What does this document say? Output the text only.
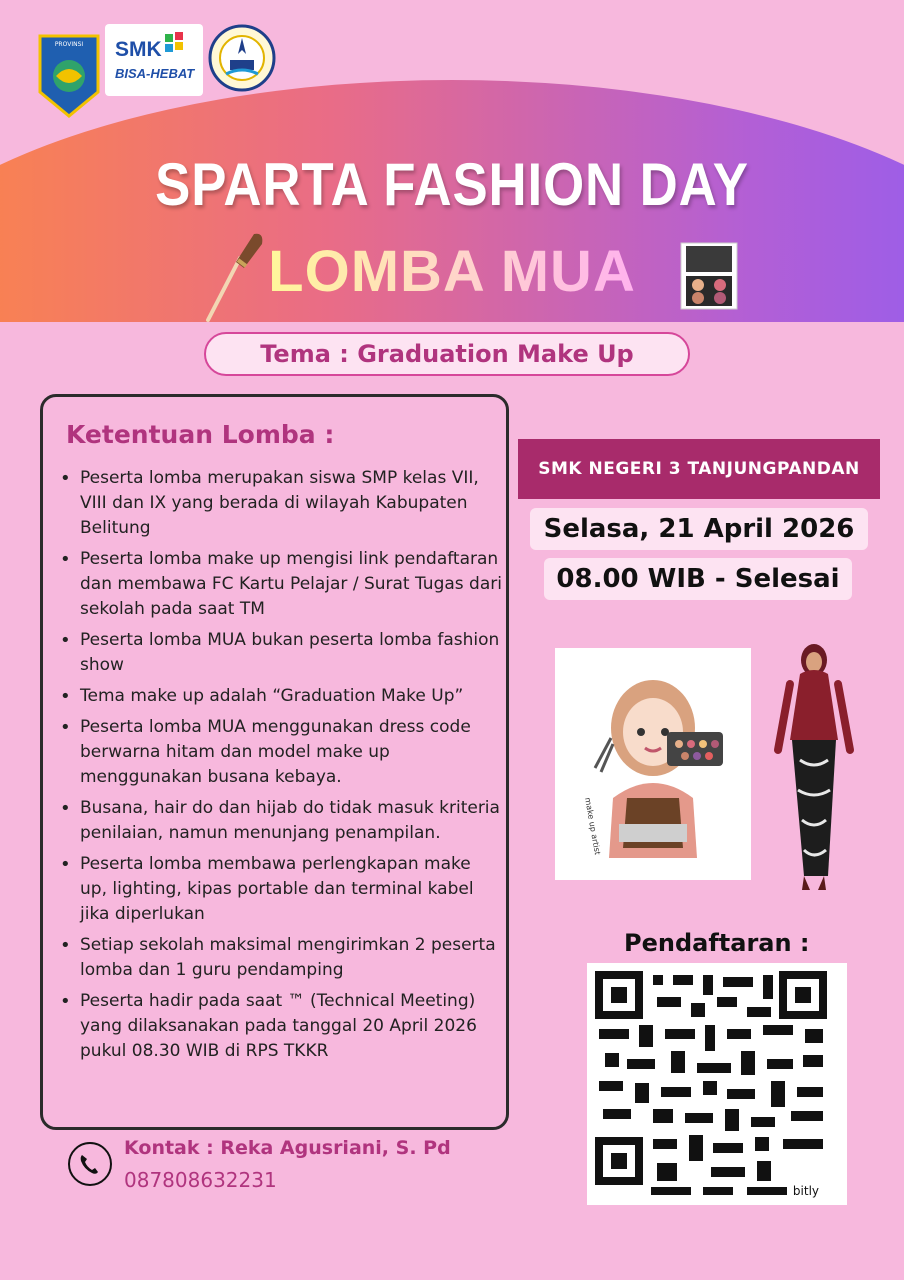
PROVINSI SMK
BISA-HEBAT
SPARTA FASHION DAY
LOMBA MUA
Tema : Graduation Make Up
Ketentuan Lomba :
• Peserta lomba merupakan siswa SMP kelas VII, VIII dan IX yang berada di wilayah Kabupaten Belitung
• Peserta lomba make up mengisi link pendaftaran dan membawa FC Kartu Pelajar / Surat Tugas dari sekolah pada saat TM
• Peserta lomba MUA bukan peserta lomba fashion show
• Tema make up adalah “Graduation Make Up”
• Peserta lomba MUA menggunakan dress code berwarna hitam dan model make up menggunakan busana kebaya.
• Busana, hair do dan hijab do tidak masuk kriteria penilaian, namun menunjang penampilan.
• Peserta lomba membawa perlengkapan make up, lighting, kipas portable dan terminal kabel jika diperlukan
• Setiap sekolah maksimal mengirimkan 2 peserta lomba dan 1 guru pendamping
• Peserta hadir pada saat ™ (Technical Meeting) yang dilaksanakan pada tanggal 20 April 2026 pukul 08.30 WIB di RPS TKKR
SMK NEGERI 3 TANJUNGPANDAN
Selasa, 21 April 2026
08.00 WIB - Selesai
make up artist
Pendaftaran :
bitly
Kontak : Reka Agusriani, S. Pd
087808632231
